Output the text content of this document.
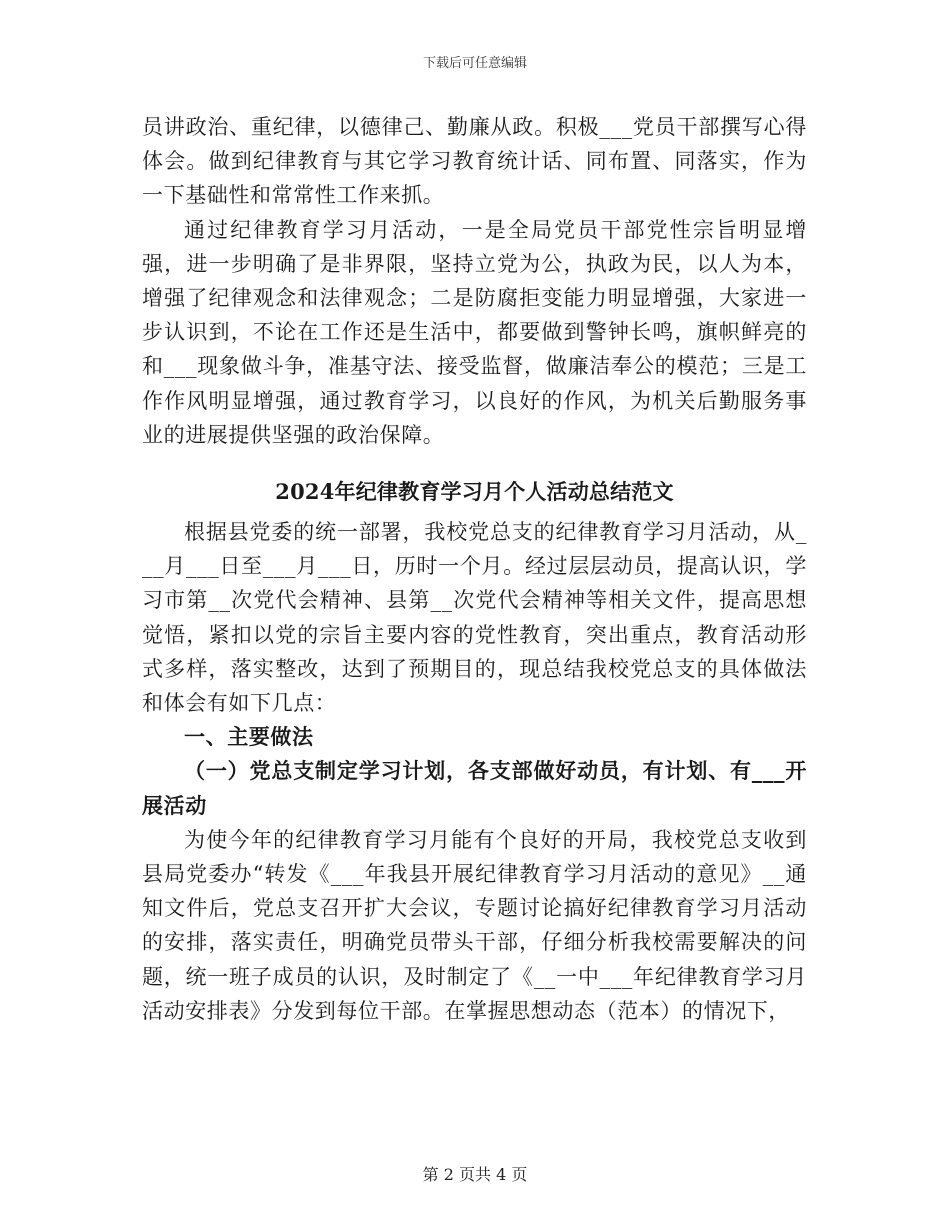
下载后可任意编辑

员讲政治、重纪律，以德律己、勤廉从政。积极___党员干部撰写心得体会。做到纪律教育与其它学习教育统计话、同布置、同落实，作为一下基础性和常常性工作来抓。

通过纪律教育学习月活动，一是全局党员干部党性宗旨明显增强，进一步明确了是非界限，坚持立党为公，执政为民，以人为本，增强了纪律观念和法律观念；二是防腐拒变能力明显增强，大家进一步认识到，不论在工作还是生活中，都要做到警钟长鸣，旗帜鲜亮的和___现象做斗争，准基守法、接受监督，做廉洁奉公的模范；三是工作作风明显增强，通过教育学习，以良好的作风，为机关后勤服务事业的进展提供坚强的政治保障。

2024年纪律教育学习月个人活动总结范文

根据县党委的统一部署，我校党总支的纪律教育学习月活动，从___月___日至___月___日，历时一个月。经过层层动员，提高认识，学习市第__次党代会精神、县第__次党代会精神等相关文件，提高思想觉悟，紧扣以党的宗旨主要内容的党性教育，突出重点，教育活动形式多样，落实整改，达到了预期目的，现总结我校党总支的具体做法和体会有如下几点：

一、主要做法

（一）党总支制定学习计划，各支部做好动员，有计划、有___开展活动

为使今年的纪律教育学习月能有个良好的开局，我校党总支收到县局党委办“转发《___年我县开展纪律教育学习月活动的意见》__通知文件后，党总支召开扩大会议，专题讨论搞好纪律教育学习月活动的安排，落实责任，明确党员带头干部，仔细分析我校需要解决的问题，统一班子成员的认识，及时制定了《__一中___年纪律教育学习月活动安排表》分发到每位干部。在掌握思想动态（范本）的情况下，

第 2 页共 4 页
